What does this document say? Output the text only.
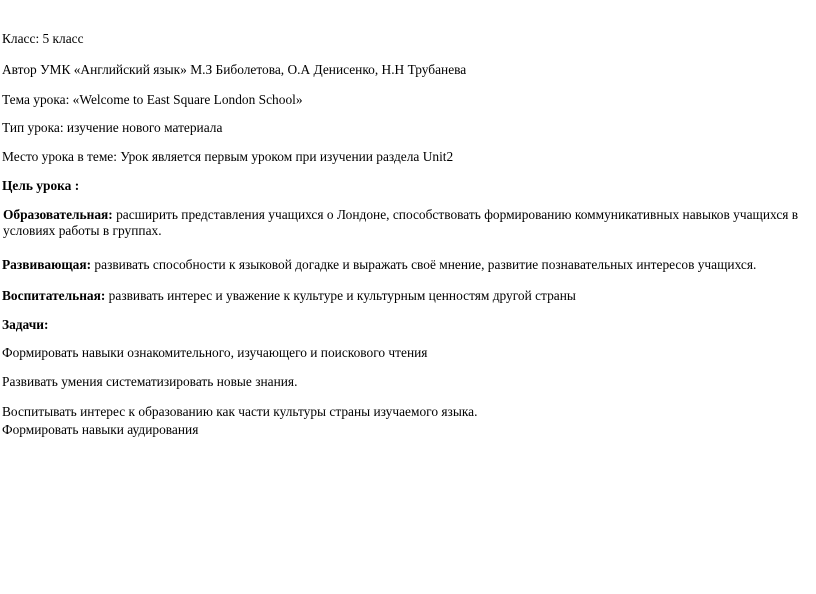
Класс: 5 класс
Автор УМК «Английский язык» М.З Биболетова, О.А Денисенко, Н.Н Трубанева
Тема урока: «Welcome to East Square London School»
Тип урока: изучение нового материала
Место урока в теме: Урок является первым уроком при изучении раздела Unit2
Цель урока :
Образовательная: расширить представления учащихся о Лондоне, способствовать формированию коммуникативных навыков учащихся в условиях работы в группах.
Развивающая: развивать способности к языковой догадке и выражать своё мнение, развитие познавательных интересов учащихся.
Воспитательная: развивать интерес и уважение к культуре и культурным ценностям другой страны
Задачи:
Формировать навыки ознакомительного, изучающего и поискового чтения
Развивать умения систематизировать новые знания.
Воспитывать интерес к образованию как части культуры страны изучаемого языка.
Формировать навыки аудирования
